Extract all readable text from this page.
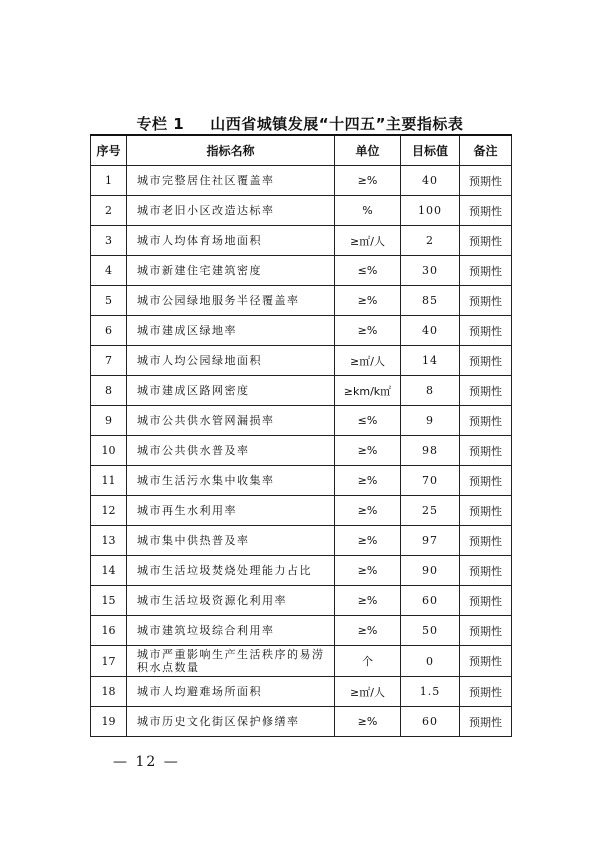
专栏 1 山西省城镇发展“十四五”主要指标表
序号	指标名称	单位	目标值	备注
1	城市完整居住社区覆盖率	≥%	40	预期性
2	城市老旧小区改造达标率	%	100	预期性
3	城市人均体育场地面积	≥㎡/人	2	预期性
4	城市新建住宅建筑密度	≤%	30	预期性
5	城市公园绿地服务半径覆盖率	≥%	85	预期性
6	城市建成区绿地率	≥%	40	预期性
7	城市人均公园绿地面积	≥㎡/人	14	预期性
8	城市建成区路网密度	≥km/k㎡	8	预期性
9	城市公共供水管网漏损率	≤%	9	预期性
10	城市公共供水普及率	≥%	98	预期性
11	城市生活污水集中收集率	≥%	70	预期性
12	城市再生水利用率	≥%	25	预期性
13	城市集中供热普及率	≥%	97	预期性
14	城市生活垃圾焚烧处理能力占比	≥%	90	预期性
15	城市生活垃圾资源化利用率	≥%	60	预期性
16	城市建筑垃圾综合利用率	≥%	50	预期性
17	城市严重影响生产生活秩序的易涝积水点数量	个	0	预期性
18	城市人均避难场所面积	≥㎡/人	1.5	预期性
19	城市历史文化街区保护修缮率	≥%	60	预期性
— 12 —
